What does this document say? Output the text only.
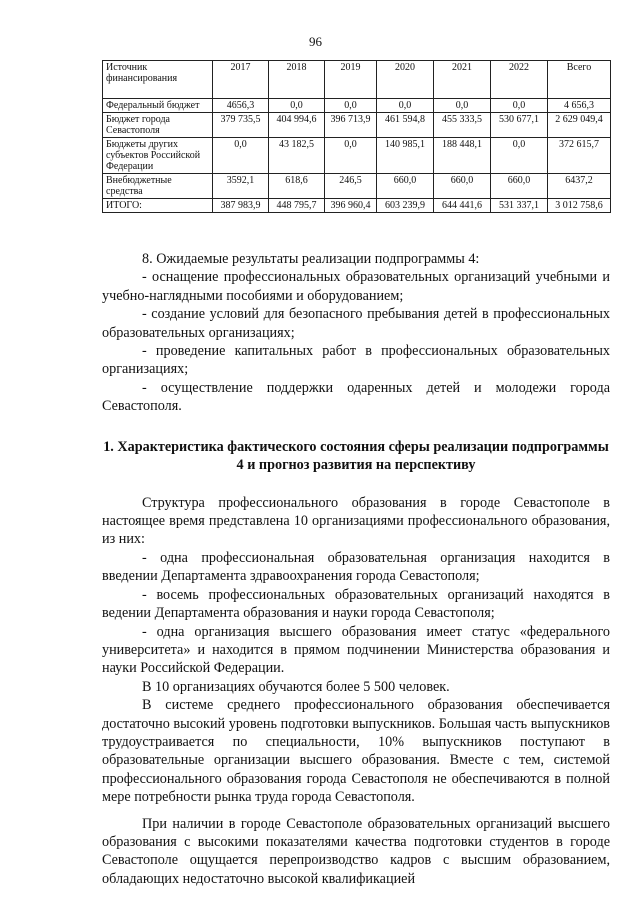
96
Источник финансирования	2017	2018	2019	2020	2021	2022	Всего
Федеральный бюджет	4656,3	0,0	0,0	0,0	0,0	0,0	4 656,3
Бюджет города Севастополя	379 735,5	404 994,6	396 713,9	461 594,8	455 333,5	530 677,1	2 629 049,4
Бюджеты других субъектов Российской Федерации	0,0	43 182,5	0,0	140 985,1	188 448,1	0,0	372 615,7
Внебюджетные средства	3592,1	618,6	246,5	660,0	660,0	660,0	6437,2
ИТОГО:	387 983,9	448 795,7	396 960,4	603 239,9	644 441,6	531 337,1	3 012 758,6

8. Ожидаемые результаты реализации подпрограммы 4:

- оснащение профессиональных образовательных организаций учебными и учебно-наглядными пособиями и оборудованием;

- создание условий для безопасного пребывания детей в профессиональных образовательных организациях;

- проведение капитальных работ в профессиональных образовательных организациях;

- осуществление поддержки одаренных детей и молодежи города Севастополя.

1. Характеристика фактического состояния сферы реализации подпрограммы 4 и прогноз развития на перспективу

Структура профессионального образования в городе Севастополе в настоящее время представлена 10 организациями профессионального образования, из них:

- одна профессиональная образовательная организация находится в введении Департамента здравоохранения города Севастополя;

- восемь профессиональных образовательных организаций находятся в ведении Департамента образования и науки города Севастополя;

- одна организация высшего образования имеет статус «федерального университета» и находится в прямом подчинении Министерства образования и науки Российской Федерации.

В 10 организациях обучаются более 5 500 человек.

В системе среднего профессионального образования обеспечивается достаточно высокий уровень подготовки выпускников. Большая часть выпускников трудоустраивается по специальности, 10% выпускников поступают в образовательные организации высшего образования. Вместе с тем, системой профессионального образования города Севастополя не обеспечиваются в полной мере потребности рынка труда города Севастополя.

При наличии в городе Севастополе образовательных организаций высшего образования с высокими показателями качества подготовки студентов в городе Севастополе ощущается перепроизводство кадров с высшим образованием, обладающих недостаточно высокой квалификацией
